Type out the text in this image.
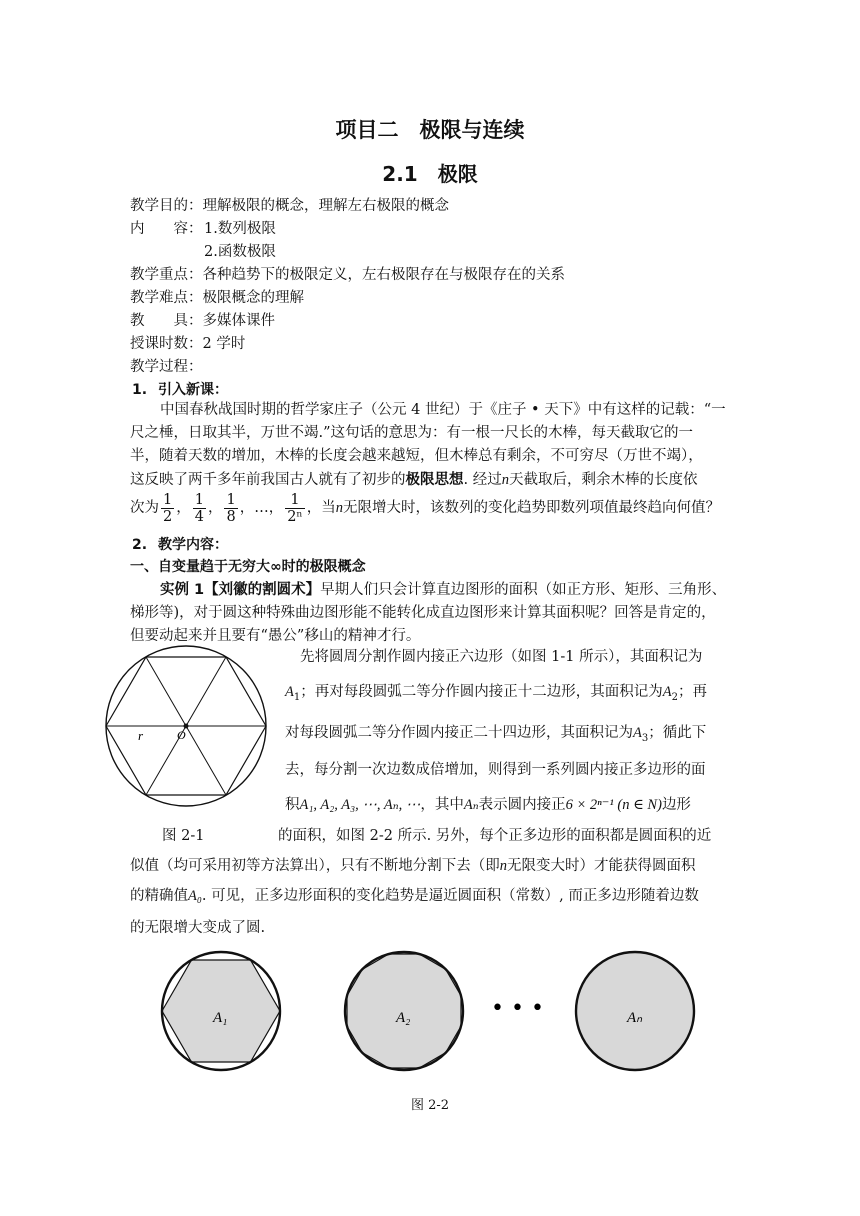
项目二　极限与连续
2.1　极限
教学目的：理解极限的概念，理解左右极限的概念
内　　容： 1.数列极限
2.函数极限
教学重点：各种趋势下的极限定义，左右极限存在与极限存在的关系
教学难点：极限概念的理解
教　　具：多媒体课件
授课时数：2 学时
教学过程：
1. 引入新课：
中国春秋战国时期的哲学家庄子（公元 4 世纪）于《庄子 • 天下》中有这样的记载：“一
尺之棰，日取其半，万世不竭.”这句话的意思为：有一根一尺长的木棒，每天截取它的一
半，随着天数的增加，木棒的长度会越来越短，但木棒总有剩余，不可穷尽（万世不竭），
这反映了两千多年前我国古人就有了初步的极限思想. 经过n天截取后，剩余木棒的长度依
次为 $\frac{1}{2}$ ， $\frac{1}{4}$ ， $\frac{1}{8}$ ，…， $\frac{1}{\text{2ⁿ}}$ ，当n无限增大时，该数列的变化趋势即数列项值最终趋向何值？
2. 教学内容：
一、自变量趋于无穷大∞时的极限概念
实例 1【刘徽的割圆术】早期人们只会计算直边图形的面积（如正方形、矩形、三角形、
梯形等)，对于圆这种特殊曲边图形能不能转化成直边图形来计算其面积呢？回答是肯定的，
但要动起来并且要有“愚公”移山的精神才行。
r	O
先将圆周分割作圆内接正六边形（如图 1-1 所示），其面积记为
$A_1$；再对每段圆弧二等分作圆内接正十二边形，其面积记为$A_2$；再
对每段圆弧二等分作圆内接正二十四边形，其面积记为$A_3$；循此下
去，每分割一次边数成倍增加，则得到一系列圆内接正多边形的面
积A₁, A₂, A₃, ⋯, Aₙ, ⋯，其中Aₙ表示圆内接正6 × 2ⁿ⁻¹ (n ∈ N)边形
图 2-1	的面积，如图 2-2 所示. 另外，每个正多边形的面积都是圆面积的近
似值（均可采用初等方法算出），只有不断地分割下去（即n无限变大时）才能获得圆面积
的精确值A₀. 可见，正多边形面积的变化趋势是逼近圆面积（常数）, 而正多边形随着边数
的无限增大变成了圆.
A₁	A₂	Aₙ
• • •
图 2-2
